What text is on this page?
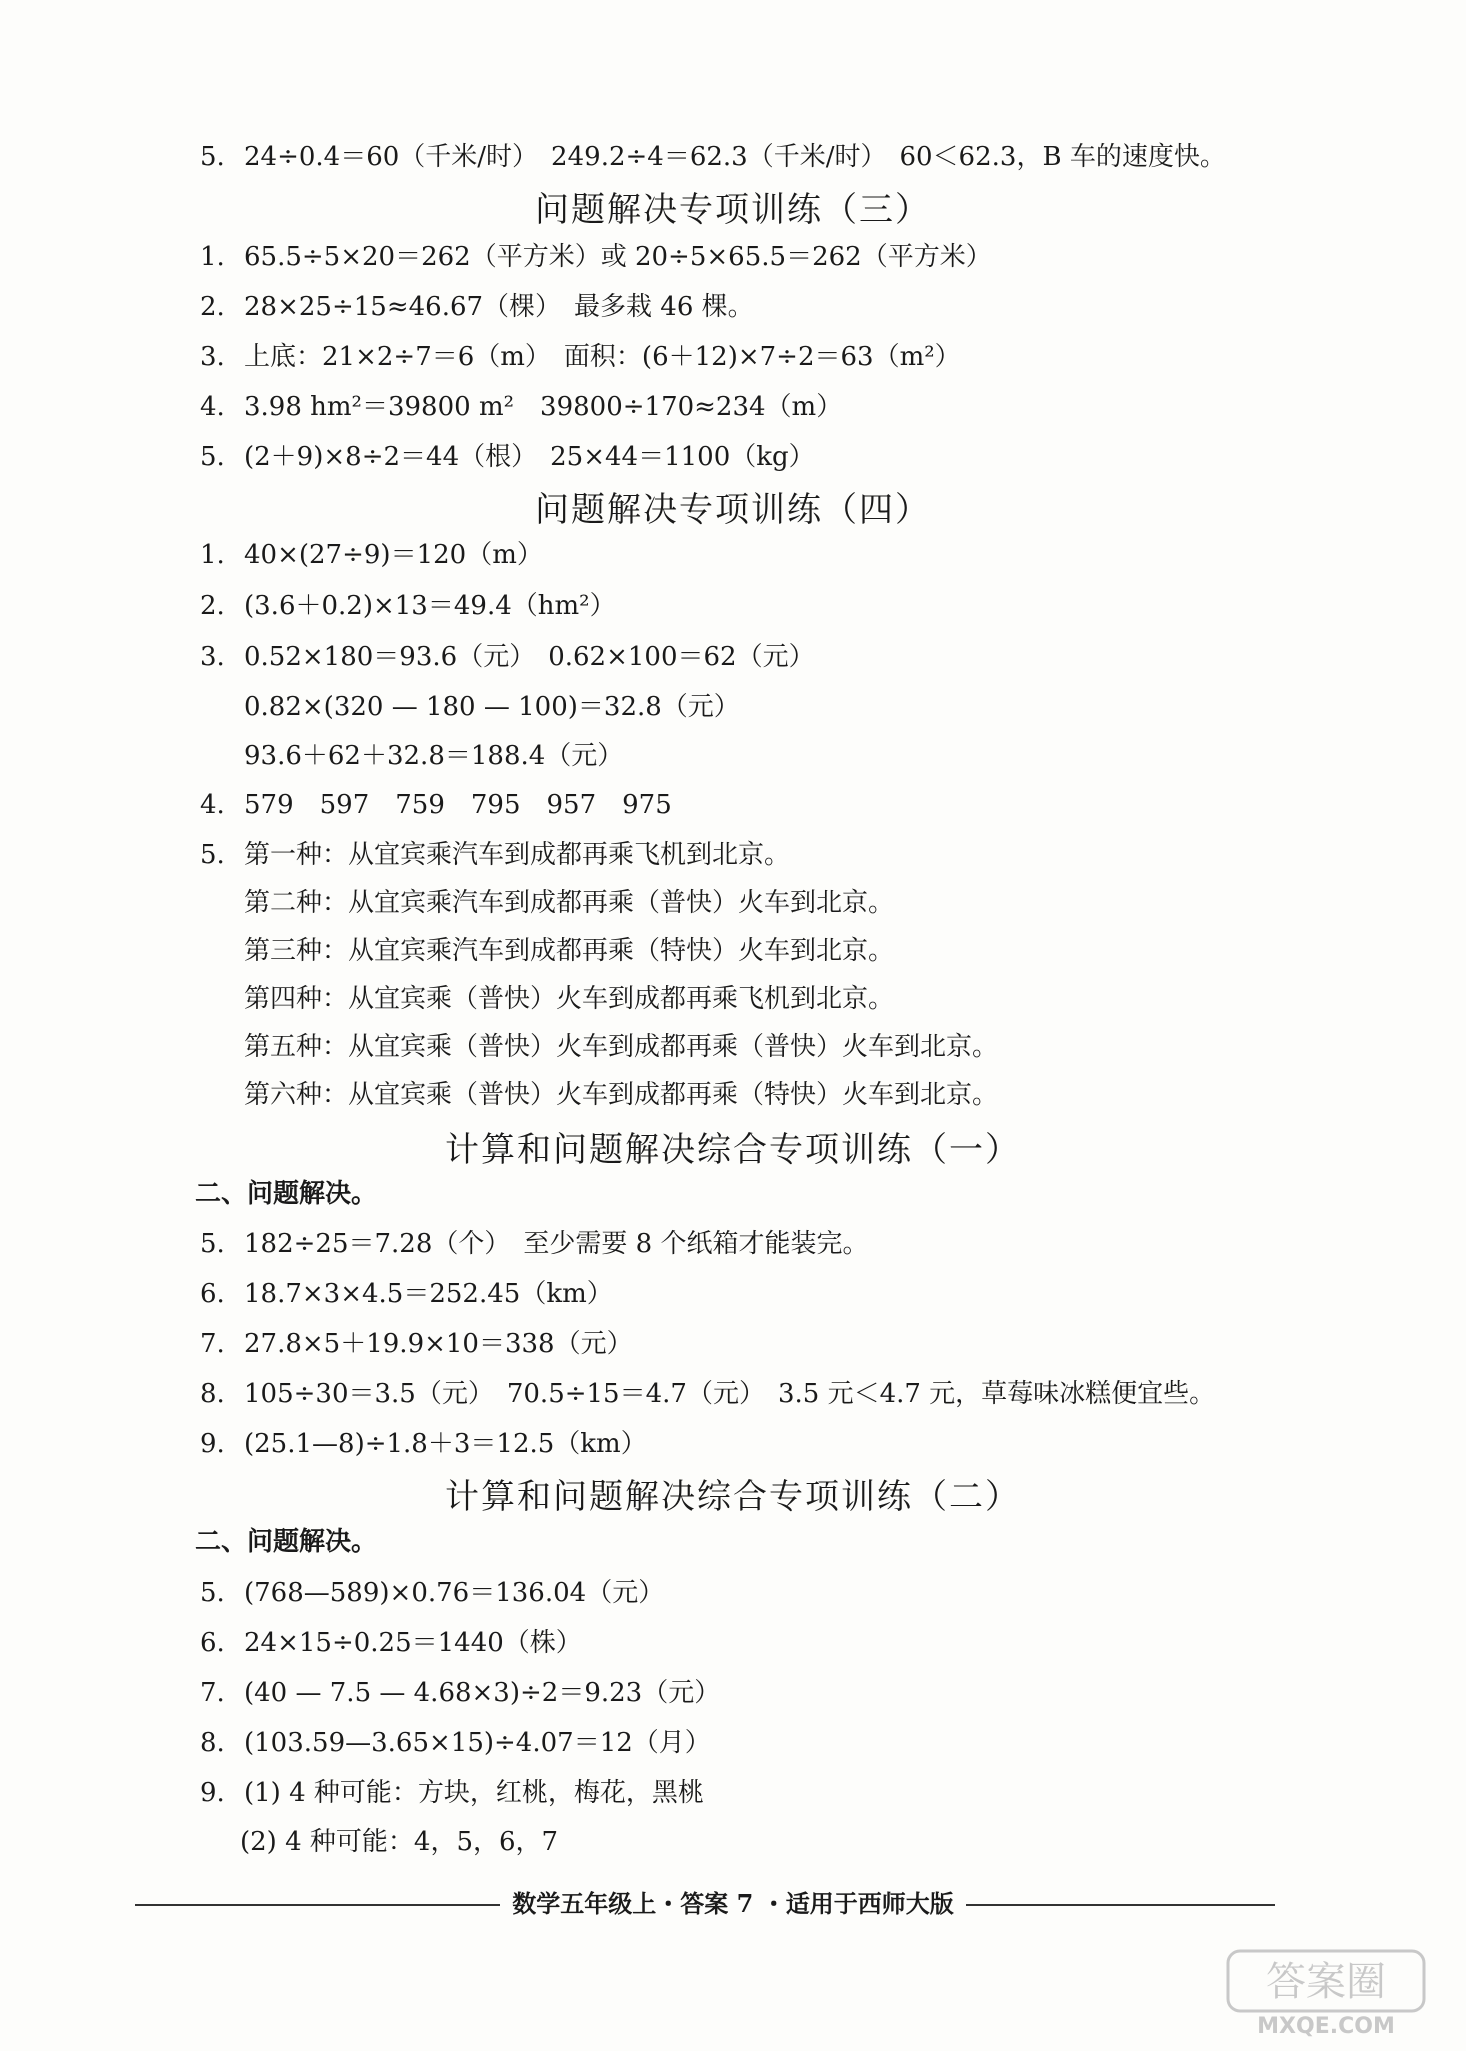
5. 24÷0.4＝60（千米/时）　249.2÷4＝62.3（千米/时）　60＜62.3，B 车的速度快。
问题解决专项训练（三）
1. 65.5÷5×20＝262（平方米）或 20÷5×65.5＝262（平方米）
2. 28×25÷15≈46.67（棵）　最多栽 46 棵。
3. 上底：21×2÷7＝6（m）　面积：(6＋12)×7÷2＝63（m²）
4. 3.98 hm²＝39800 m²　39800÷170≈234（m）
5. (2＋9)×8÷2＝44（根）　25×44＝1100（kg）
问题解决专项训练（四）
1. 40×(27÷9)＝120（m）
2. (3.6＋0.2)×13＝49.4（hm²）
3. 0.52×180＝93.6（元）　0.62×100＝62（元）
0.82×(320 — 180 — 100)＝32.8（元）
93.6＋62＋32.8＝188.4（元）
4. 579　597　759　795　957　975
5. 第一种：从宜宾乘汽车到成都再乘飞机到北京。
第二种：从宜宾乘汽车到成都再乘（普快）火车到北京。
第三种：从宜宾乘汽车到成都再乘（特快）火车到北京。
第四种：从宜宾乘（普快）火车到成都再乘飞机到北京。
第五种：从宜宾乘（普快）火车到成都再乘（普快）火车到北京。
第六种：从宜宾乘（普快）火车到成都再乘（特快）火车到北京。
计算和问题解决综合专项训练（一）
二、问题解决。
5. 182÷25＝7.28（个）　至少需要 8 个纸箱才能装完。
6. 18.7×3×4.5＝252.45（km）
7. 27.8×5＋19.9×10＝338（元）
8. 105÷30＝3.5（元）　70.5÷15＝4.7（元）　3.5 元＜4.7 元，草莓味冰糕便宜些。
9. (25.1—8)÷1.8＋3＝12.5（km）
计算和问题解决综合专项训练（二）
二、问题解决。
5. (768—589)×0.76＝136.04（元）
6. 24×15÷0.25＝1440（株）
7. (40 — 7.5 — 4.68×3)÷2＝9.23（元）
8. (103.59—3.65×15)÷4.07＝12（月）
9. (1) 4 种可能：方块，红桃，梅花，黑桃
(2) 4 种可能：4，5，6，7
数学五年级上・答案 7 ・适用于西师大版
答案圈
MXQE.COM
